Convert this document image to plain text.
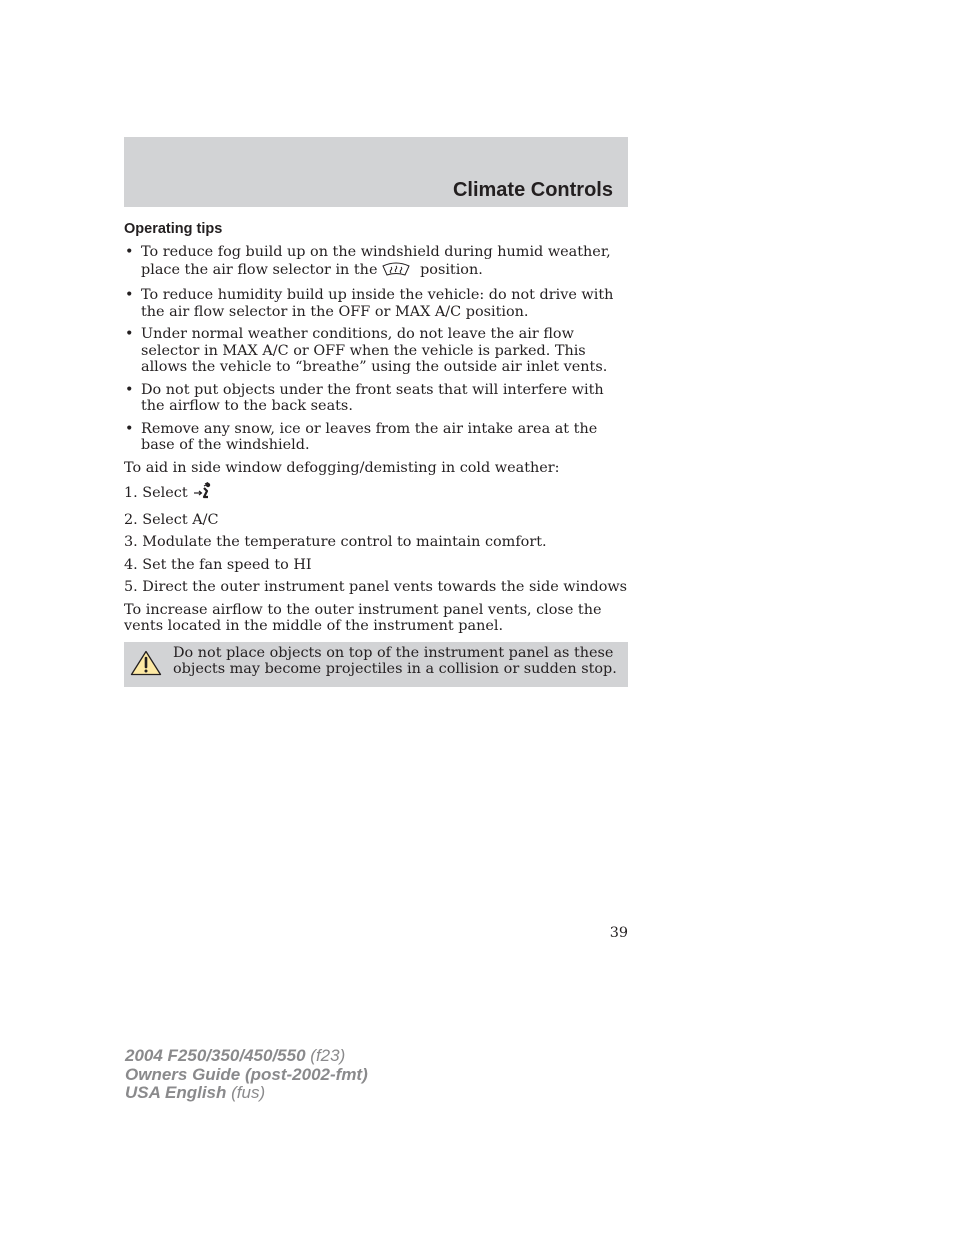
Climate Controls
Operating tips
• To reduce fog build up on the windshield during humid weather, place the air flow selector in the	position.
• To reduce humidity build up inside the vehicle: do not drive with the air flow selector in the OFF or MAX A/C position.
• Under normal weather conditions, do not leave the air flow selector in MAX A/C or OFF when the vehicle is parked. This allows the vehicle to “breathe” using the outside air inlet vents.
• Do not put objects under the front seats that will interfere with the airflow to the back seats.
• Remove any snow, ice or leaves from the air intake area at the base of the windshield.

To aid in side window defogging/demisting in cold weather:

1. Select
2. Select A/C
3. Modulate the temperature control to maintain comfort.
4. Set the fan speed to HI
5. Direct the outer instrument panel vents towards the side windows

To increase airflow to the outer instrument panel vents, close the vents located in the middle of the instrument panel.

Do not place objects on top of the instrument panel as these objects may become projectiles in a collision or sudden stop.
39
2004 F250/350/450/550 (f23)
Owners Guide (post-2002-fmt)
USA English (fus)
